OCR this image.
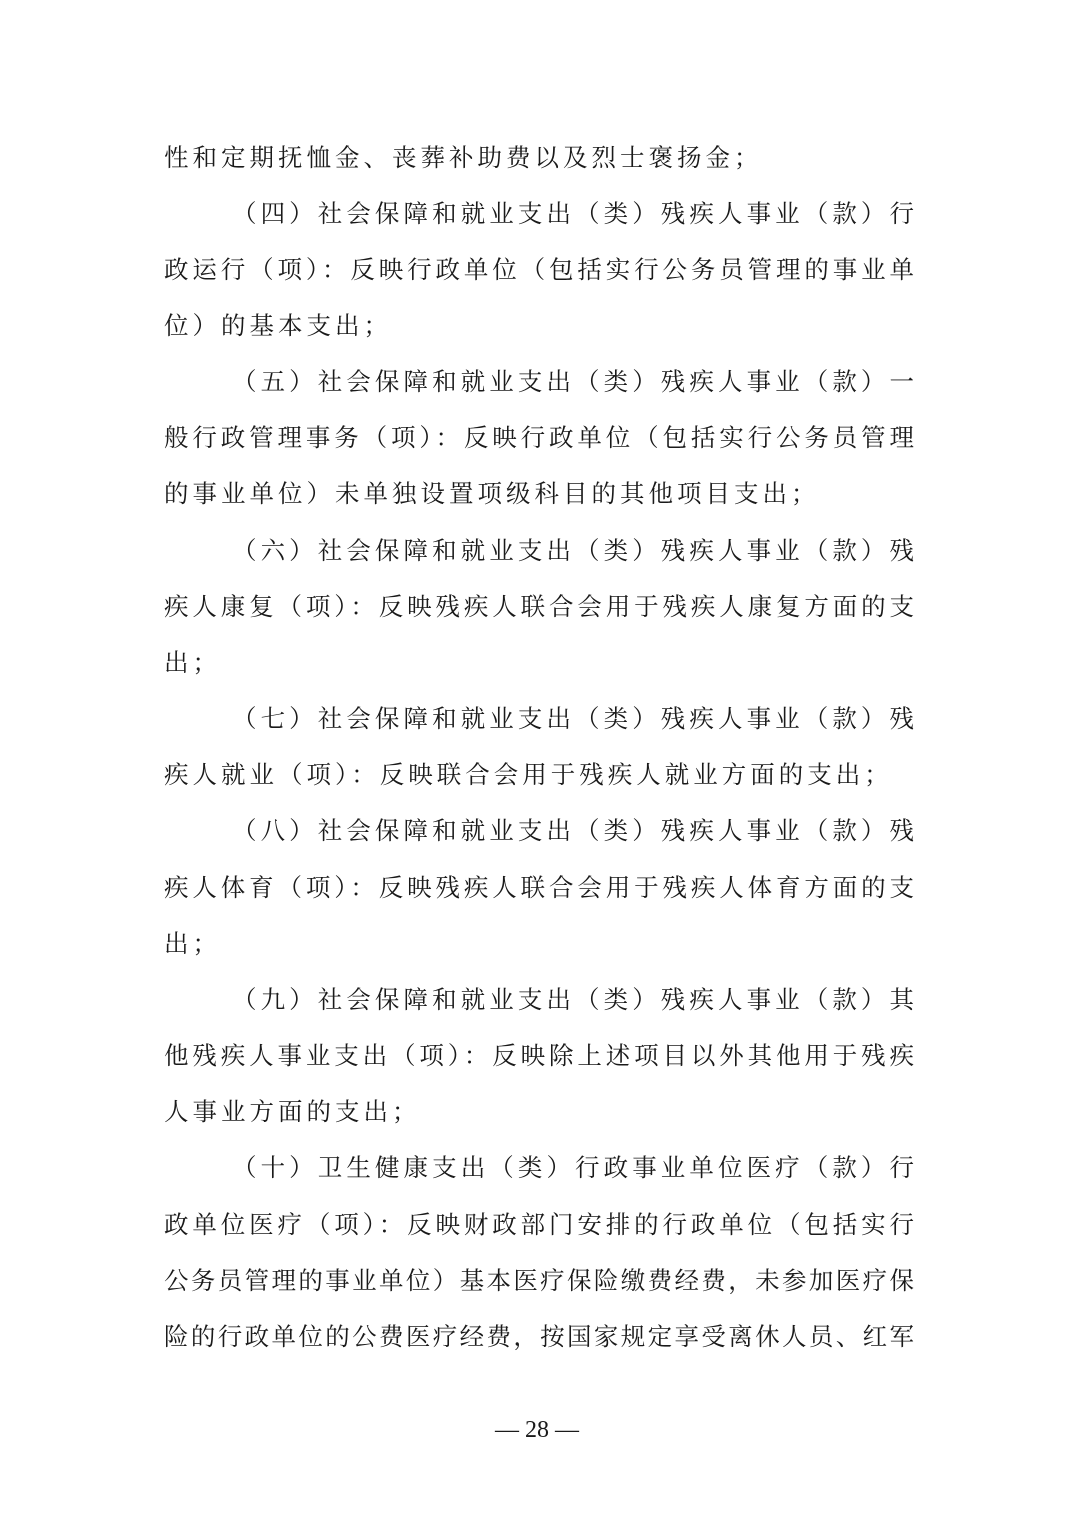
性和定期抚恤金、丧葬补助费以及烈士褒扬金；
（四）社会保障和就业支出（类）残疾人事业（款）行
政运行（项）：反映行政单位（包括实行公务员管理的事业单
位）的基本支出；
（五）社会保障和就业支出（类）残疾人事业（款）一
般行政管理事务（项）：反映行政单位（包括实行公务员管理
的事业单位）未单独设置项级科目的其他项目支出；
（六）社会保障和就业支出（类）残疾人事业（款）残
疾人康复（项）：反映残疾人联合会用于残疾人康复方面的支
出；
（七）社会保障和就业支出（类）残疾人事业（款）残
疾人就业（项）：反映联合会用于残疾人就业方面的支出；
（八）社会保障和就业支出（类）残疾人事业（款）残
疾人体育（项）：反映残疾人联合会用于残疾人体育方面的支
出；
（九）社会保障和就业支出（类）残疾人事业（款）其
他残疾人事业支出（项）：反映除上述项目以外其他用于残疾
人事业方面的支出；
（十）卫生健康支出（类）行政事业单位医疗（款）行
政单位医疗（项）：反映财政部门安排的行政单位（包括实行
公务员管理的事业单位）基本医疗保险缴费经费，未参加医疗保
险的行政单位的公费医疗经费，按国家规定享受离休人员、红军
— 28 —
